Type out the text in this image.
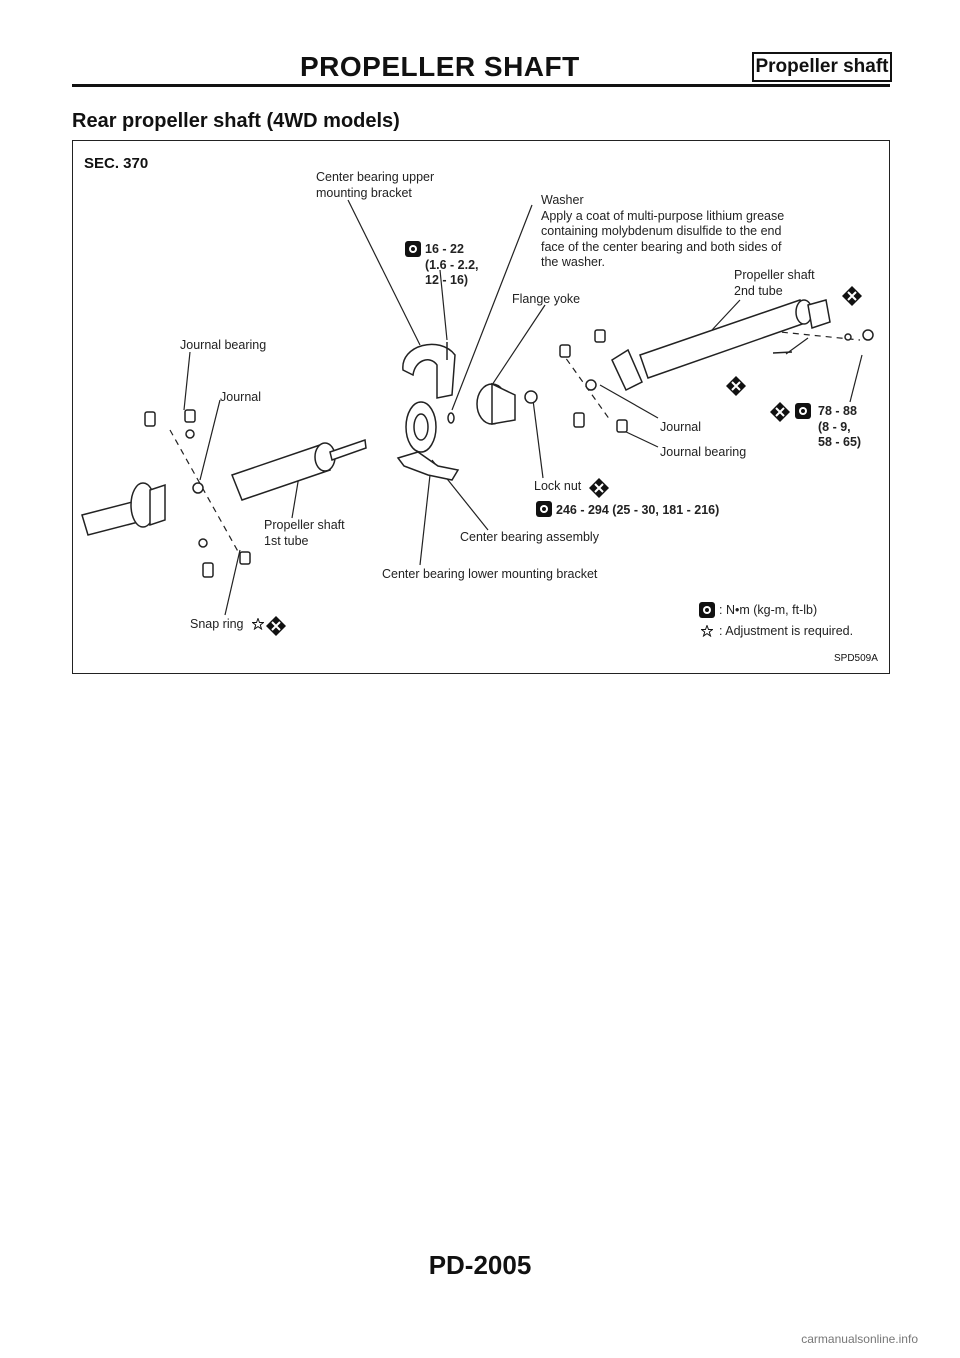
PROPELLER SHAFT	Propeller shaft
Rear propeller shaft (4WD models)
SEC. 370
Center bearing upper
mounting bracket
16 - 22
(1.6 - 2.2,
12 - 16)
Washer
Apply a coat of multi-purpose lithium grease
containing molybdenum disulfide to the end
face of the center bearing and both sides of
the washer.
Propeller shaft
2nd tube
Flange yoke
Journal bearing
Journal
Journal
Journal bearing
78 - 88
(8 - 9,
58 - 65)
Lock nut
246 - 294 (25 - 30, 181 - 216)
Propeller shaft
1st tube	Center bearing assembly
Center bearing lower mounting bracket
Snap ring
: N•m (kg-m, ft-lb)
: Adjustment is required.
SPD509A
PD-2005
carmanualsonline.info
